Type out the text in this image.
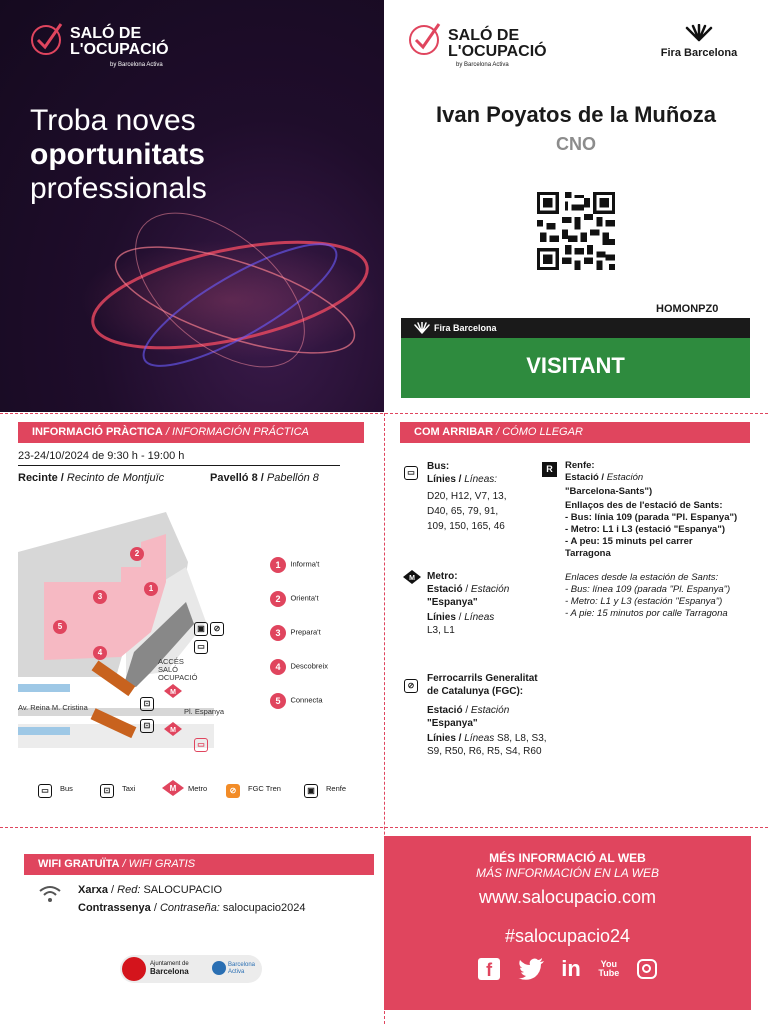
SALÓ DE
L'OCUPACIÓ
by Barcelona Activa
Troba noves
oportunitats
professionals
SALÓ DE
L'OCUPACIÓ
by Barcelona Activa
Fira Barcelona
Ivan Poyatos de la Muñoza
CNO
HOMONPZ0
Fira Barcelona
VISITANT
INFORMACIÓ PRÀCTICA / INFORMACIÓN PRÁCTICA
23-24/10/2024 de 9:30 h - 19:00 h
Recinte / Recinto de Montjuïc	Pavelló 8 / Pabellón 8
2
1
3
5
4
ACCÉS
SALÓ
OCUPACIÓ
Av. Reina M. Cristina	Pl. Espanya
▣	⊘
▭
⊡
⊡
M
M
▭
1 Informa't
2 Orienta't
3 Prepara't
4 Descobreix
5 Connecta
▭ Bus	⊡ Taxi	M Metro	⊘ FGC Tren	▣ Renfe
COM ARRIBAR / CÓMO LLEGAR
▭
Bus:
Línies / Líneas:
D20, H12, V7, 13,
D40, 65, 79, 91,
109, 150, 165, 46
R	Renfe:
Estació / Estación
"Barcelona-Sants")
Enllaços des de l'estació de Sants:
- Bus: línia 109 (parada "Pl. Espanya")
- Metro: L1 i L3 (estació "Espanya")
- A peu: 15 minuts pel carrer
Tarragona
Enlaces desde la estación de Sants:
- Bus: línea 109 (parada "Pl. Espanya")
- Metro: L1 y L3 (estación "Espanya")
- A pie: 15 minutos por calle Tarragona
M Metro:
Estació / Estación
"Espanya"
Línies / Líneas
L3, L1
⊘
Ferrocarrils Generalitat
de Catalunya (FGC):
Estació / Estación
"Espanya"
Línies / Líneas S8, L8, S3,
S9, R50, R6, R5, S4, R60
WIFI GRATUÏTA / WIFI GRATIS
Xarxa / Red: SALOCUPACIO
Contrassenya / Contraseña: salocupacio2024
Ajuntament de
Barcelona
Barcelona Activa
MÉS INFORMACIÓ AL WEB
MÁS INFORMACIÓN EN LA WEB
www.salocupacio.com
#salocupacio24
f	in You
Tube
